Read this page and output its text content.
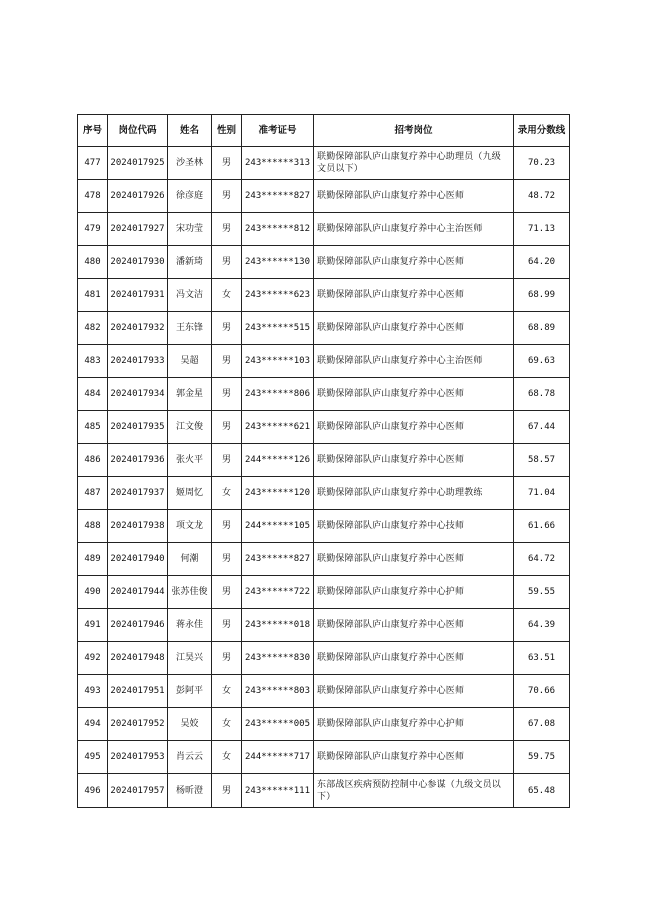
序号	岗位代码	姓名	性别	准考证号	招考岗位	录用分数线
477	2024017925	沙圣林	男	243******313	联勤保障部队庐山康复疗养中心助理员（九级文员以下）	70.23
478	2024017926	徐彦庭	男	243******827	联勤保障部队庐山康复疗养中心医师	48.72
479	2024017927	宋功莹	男	243******812	联勤保障部队庐山康复疗养中心主治医师	71.13
480	2024017930	潘新琦	男	243******130	联勤保障部队庐山康复疗养中心医师	64.20
481	2024017931	冯文洁	女	243******623	联勤保障部队庐山康复疗养中心医师	68.99
482	2024017932	王东锋	男	243******515	联勤保障部队庐山康复疗养中心医师	68.89
483	2024017933	吴超	男	243******103	联勤保障部队庐山康复疗养中心主治医师	69.63
484	2024017934	郭金星	男	243******806	联勤保障部队庐山康复疗养中心医师	68.78
485	2024017935	江文俊	男	243******621	联勤保障部队庐山康复疗养中心医师	67.44
486	2024017936	张火平	男	244******126	联勤保障部队庐山康复疗养中心医师	58.57
487	2024017937	姬周忆	女	243******120	联勤保障部队庐山康复疗养中心助理教练	71.04
488	2024017938	项文龙	男	244******105	联勤保障部队庐山康复疗养中心技师	61.66
489	2024017940	何潮	男	243******827	联勤保障部队庐山康复疗养中心医师	64.72
490	2024017944	张苏佳俊	男	243******722	联勤保障部队庐山康复疗养中心护师	59.55
491	2024017946	蒋永佳	男	243******018	联勤保障部队庐山康复疗养中心医师	64.39
492	2024017948	江昊兴	男	243******830	联勤保障部队庐山康复疗养中心医师	63.51
493	2024017951	彭阿平	女	243******803	联勤保障部队庐山康复疗养中心医师	70.66
494	2024017952	吴姣	女	243******005	联勤保障部队庐山康复疗养中心护师	67.08
495	2024017953	肖云云	女	244******717	联勤保障部队庐山康复疗养中心医师	59.75
496	2024017957	杨昕澄	男	243******111	东部战区疾病预防控制中心参谋（九级文员以下）	65.48
